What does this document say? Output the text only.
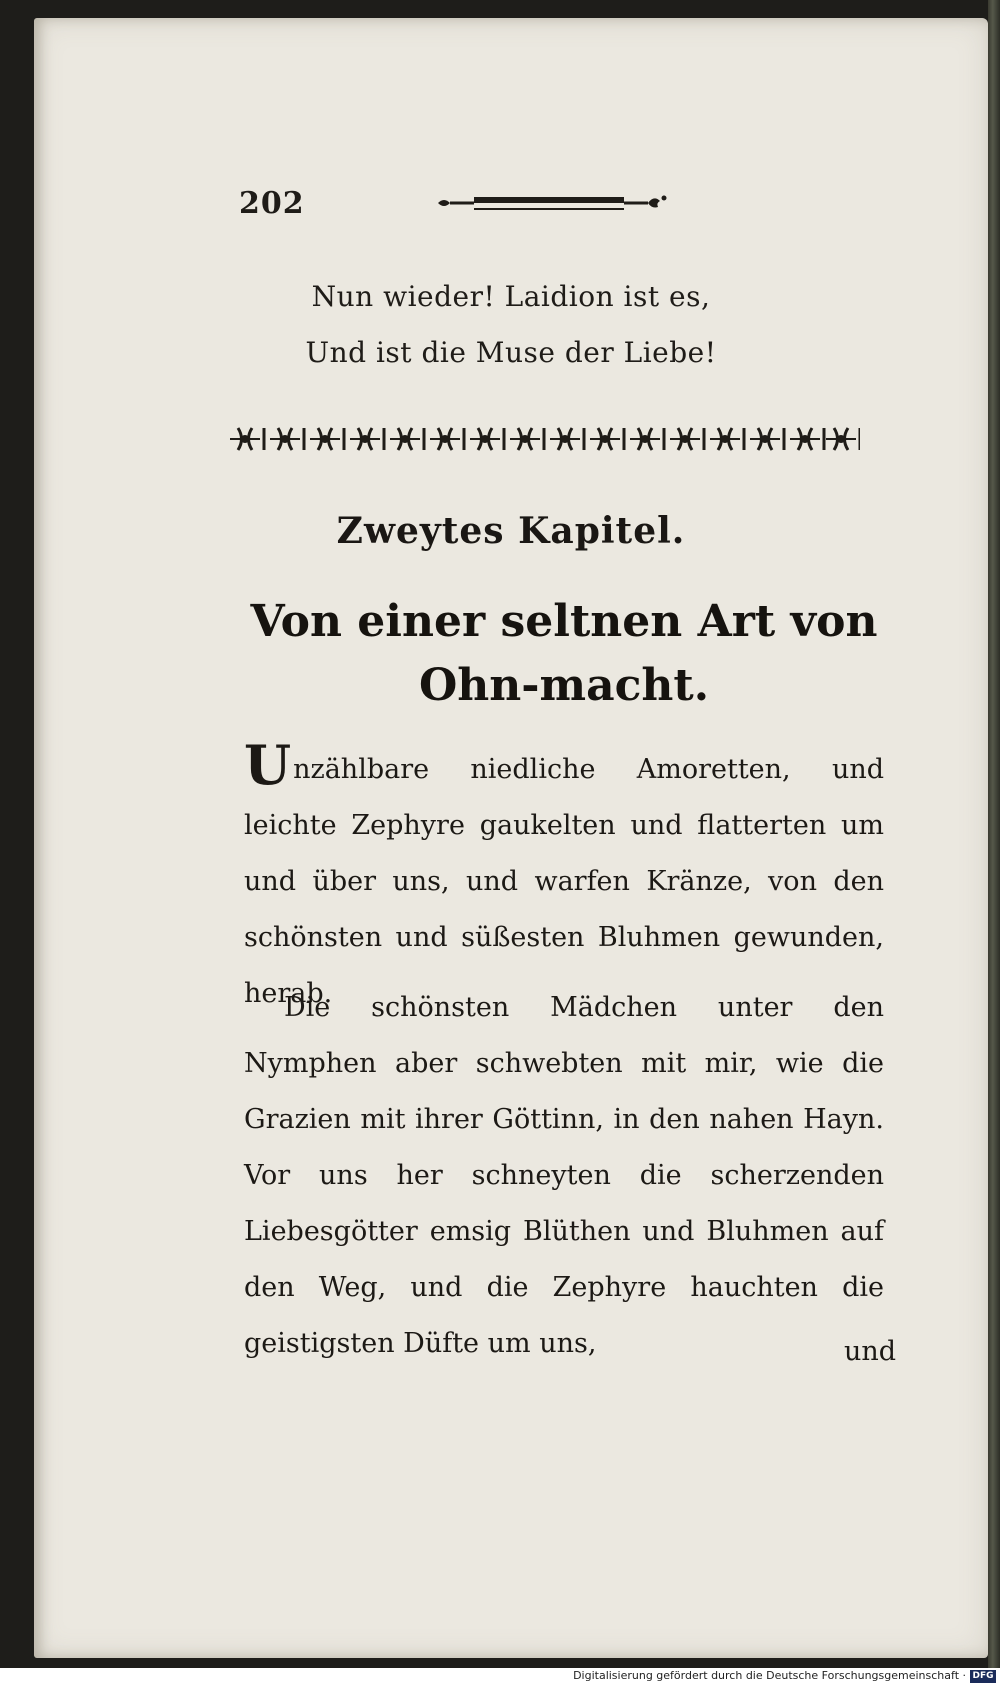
202
Nun wieder! Laidion ist es,
Und ist die Muse der Liebe!
Zweytes Kapitel.
Von einer seltnen Art von Ohn-macht.
Unzählbare niedliche Amoretten, und leichte Zephyre gaukelten und flatterten um und über uns, und warfen Kränze, von den schönsten und süßesten Bluhmen gewunden, herab.
Die schönsten Mädchen unter den Nymphen aber schwebten mit mir, wie die Grazien mit ihrer Göttinn, in den nahen Hayn. Vor uns her schneyten die scherzenden Liebesgötter emsig Blüthen und Bluhmen auf den Weg, und die Zephyre hauchten die geistigsten Düfte um uns,	und
Digitalisierung gefördert durch die Deutsche Forschungsgemeinschaft · DFG
